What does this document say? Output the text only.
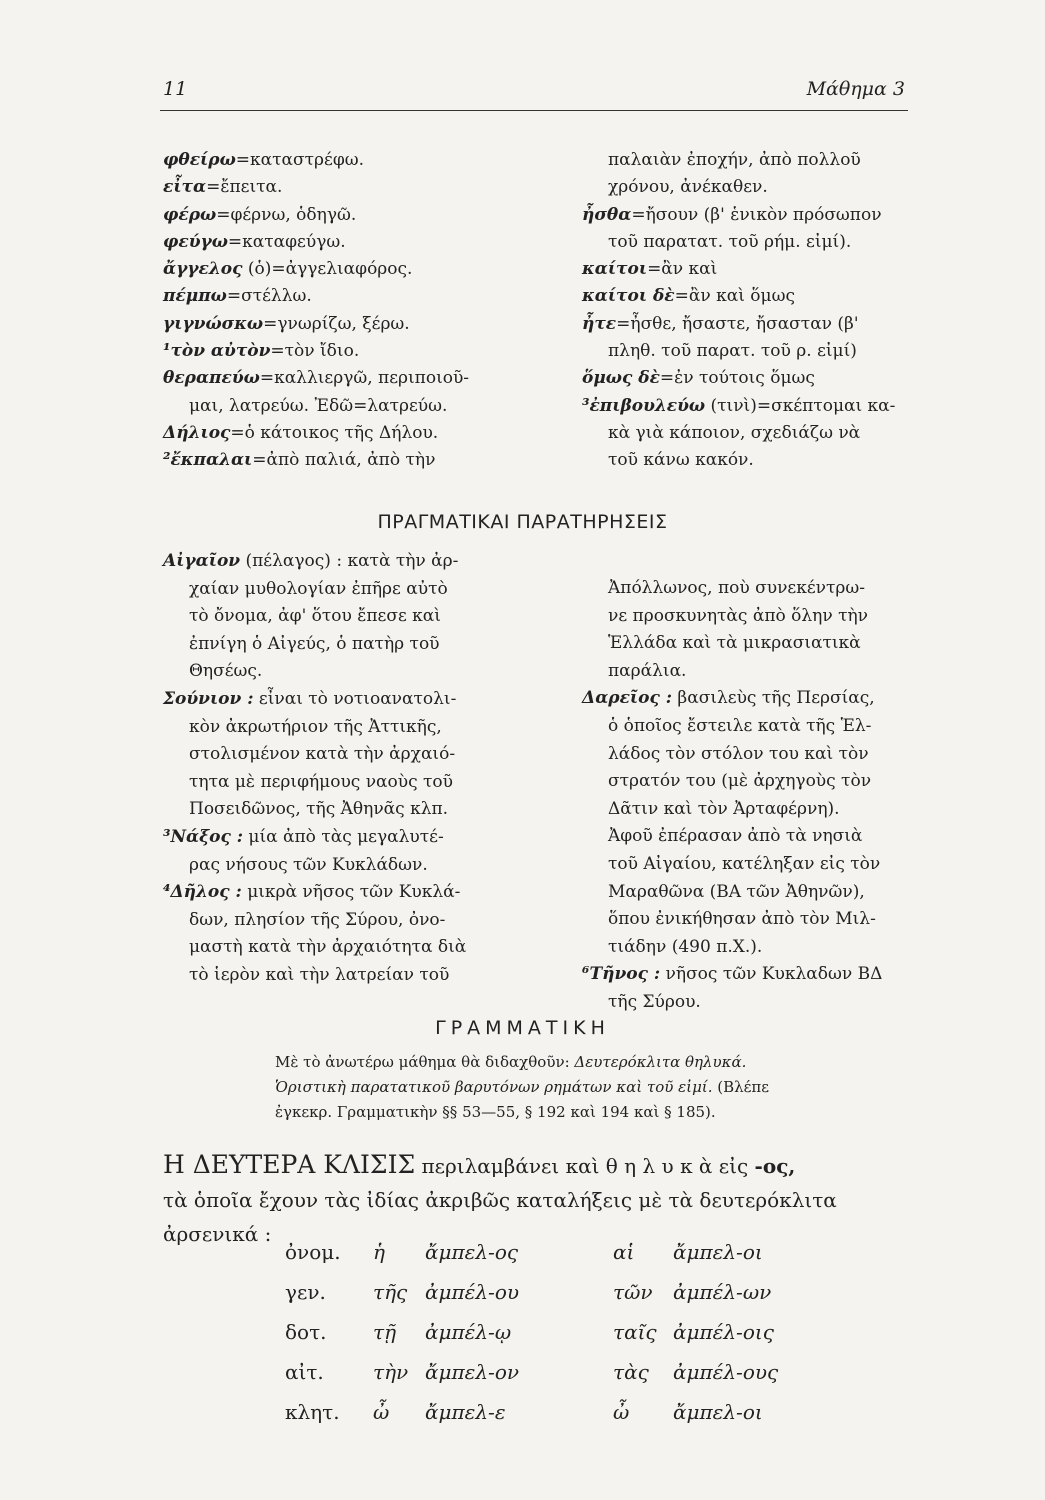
11	Μάθημα 3
φθείρω=καταστρέφω.
εἶτα=ἔπειτα.
φέρω=φέρνω, ὁδηγῶ.
φεύγω=καταφεύγω.
ἄγγελος (ὁ)=ἀγγελιαφόρος.
πέμπω=στέλλω.
γιγνώσκω=γνωρίζω, ξέρω.
¹τὸν αὐτὸν=τὸν ἴδιο.
θεραπεύω=καλλιεργῶ, περιποιοῦ-
μαι, λατρεύω. Ἐδῶ=λατρεύω.
Δήλιος=ὁ κάτοικος τῆς Δήλου.
²ἔκπαλαι=ἀπὸ παλιά, ἀπὸ τὴν
παλαιὰν ἐποχήν, ἀπὸ πολλοῦ
χρόνου, ἀνέκαθεν.
ἦσθα=ἤσουν (β' ἑνικὸν πρόσωπον
τοῦ παρατατ. τοῦ ρήμ. εἰμί).
καίτοι=ἂν καὶ
καίτοι δὲ=ἂν καὶ ὅμως
ἦτε=ἦσθε, ἤσαστε, ἤσασταν (β'
πληθ. τοῦ παρατ. τοῦ ρ. εἰμί)
ὅμως δὲ=ἐν τούτοις ὅμως
³ἐπιβουλεύω (τινὶ)=σκέπτομαι κα-
κὰ γιὰ κάποιον, σχεδιάζω νὰ
τοῦ κάνω κακόν.
ΠΡΑΓΜΑΤΙΚΑΙ ΠΑΡΑΤΗΡΗΣΕΙΣ
Αἰγαῖον (πέλαγος) : κατὰ τὴν ἀρ-
χαίαν μυθολογίαν ἐπῆρε αὐτὸ
τὸ ὄνομα, ἀφ' ὅτου ἔπεσε καὶ
ἐπνίγη ὁ Αἰγεύς, ὁ πατὴρ τοῦ
Θησέως.
Σούνιον : εἶναι τὸ νοτιοανατολι-
κὸν ἀκρωτήριον τῆς Ἀττικῆς,
στολισμένον κατὰ τὴν ἀρχαιό-
τητα μὲ περιφήμους ναοὺς τοῦ
Ποσειδῶνος, τῆς Ἀθηνᾶς κλπ.
³Νάξος : μία ἀπὸ τὰς μεγαλυτέ-
ρας νήσους τῶν Κυκλάδων.
⁴Δῆλος : μικρὰ νῆσος τῶν Κυκλά-
δων, πλησίον τῆς Σύρου, ὀνο-
μαστὴ κατὰ τὴν ἀρχαιότητα διὰ
τὸ ἱερὸν καὶ τὴν λατρείαν τοῦ
Ἀπόλλωνος, ποὺ συνεκέντρω-
νε προσκυνητὰς ἀπὸ ὅλην τὴν
Ἑλλάδα καὶ τὰ μικρασιατικὰ
παράλια.
Δαρεῖος : βασιλεὺς τῆς Περσίας,
ὁ ὁποῖος ἔστειλε κατὰ τῆς Ἑλ-
λάδος τὸν στόλον του καὶ τὸν
στρατόν του (μὲ ἀρχηγοὺς τὸν
Δᾶτιν καὶ τὸν Ἀρταφέρνη).
Ἀφοῦ ἐπέρασαν ἀπὸ τὰ νησιὰ
τοῦ Αἰγαίου, κατέληξαν εἰς τὸν
Μαραθῶνα (ΒΑ τῶν Ἀθηνῶν),
ὅπου ἐνικήθησαν ἀπὸ τὸν Μιλ-
τιάδην (490 π.Χ.).
⁶Τῆνος : νῆσος τῶν Κυκλαδων ΒΔ
τῆς Σύρου.
ΓΡΑΜΜΑΤΙΚΗ
Μὲ τὸ ἀνωτέρω μάθημα θὰ διδαχθοῦν: Δευτερόκλιτα θηλυκά.
Ὁριστικὴ παρατατικοῦ βαρυτόνων ρημάτων καὶ τοῦ εἰμί. (Βλέπε
ἐγκεκρ. Γραμματικὴν §§ 53—55, § 192 καὶ 194 καὶ § 185).
Η ΔΕΥΤΕΡΑ ΚΛΙΣΙΣ περιλαμβάνει καὶ θ η λ υ κ ὰ εἰς -ος,
τὰ ὁποῖα ἔχουν τὰς ἰδίας ἀκριβῶς καταλήξεις μὲ τὰ δευτερόκλιτα
ἀρσενικά :
ὀνομ. ἡ ἄμπελ-ος	αἱ ἄμπελ-οι
γεν. τῆς ἀμπέλ-ου	τῶν ἀμπέλ-ων
δοτ. τῇ ἀμπέλ-ῳ	ταῖς ἀμπέλ-οις
αἰτ. τὴν ἄμπελ-ον	τὰς ἀμπέλ-ους
κλητ. ὦ ἄμπελ-ε	ὦ ἄμπελ-οι
